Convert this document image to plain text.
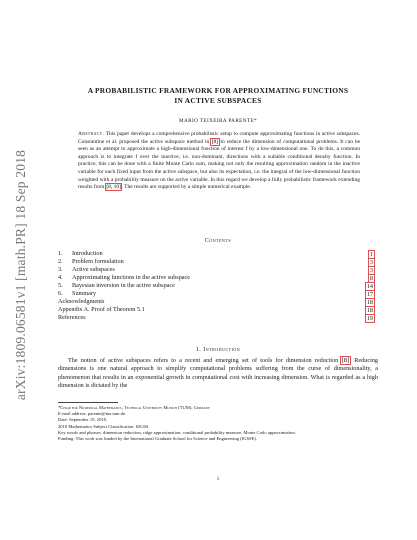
arXiv:1809.06581v1 [math.PR] 18 Sep 2018
A PROBABILISTIC FRAMEWORK FOR APPROXIMATING FUNCTIONS
IN ACTIVE SUBSPACES
MARIO TEIXEIRA PARENTE*
Abstract. This paper develops a comprehensive probabilistic setup to compute approximating functions in active subspaces. Constantine et al. proposed the active subspace method in [8] to reduce the dimension of computational problems. It can be seen as an attempt to approximate a high-dimensional function of interest f by a low-dimensional one. To do this, a common approach is to integrate f over the inactive, i.e. non-dominant, directions with a suitable conditional density function. In practice, this can be done with a finite Monte Carlo sum, making not only the resulting approximation random in the inactive variable for each fixed input from the active subspace, but also its expectation, i.e. the integral of the low-dimensional function weighted with a probability measure on the active variable. In this regard we develop a fully probabilistic framework extending results from [8, 10]. The results are supported by a simple numerical example.
Contents
1. Introduction	1
2. Problem formulation	3
3. Active subspaces	3
4. Approximating functions in the active subspace	8
5. Bayesian inversion in the active subspace	14
6. Summary	17
Acknowledgments	18
Appendix A. Proof of Theorem 5.1	18
References	19
1. Introduction
The notion of active subspaces refers to a recent and emerging set of tools for dimension reduction [8]. Reducing dimensions is one natural approach to simplify computational problems suffering from the curse of dimensionality, a phenomenon that results in an exponential growth in computational cost with increasing dimension. What is regarded as a high dimension is dictated by the
*Chair for Numerical Mathematics, Technical University Munich (TUM), Germany
E-mail address: parente@ma.tum.de.
Date: September 19, 2018.
2010 Mathematics Subject Classification. 65C60.
Key words and phrases. dimension reduction, ridge approximation, conditional probability measure, Monte Carlo approximation.
Funding: This work was funded by the International Graduate School for Science and Engineering (IGSSE).
1
